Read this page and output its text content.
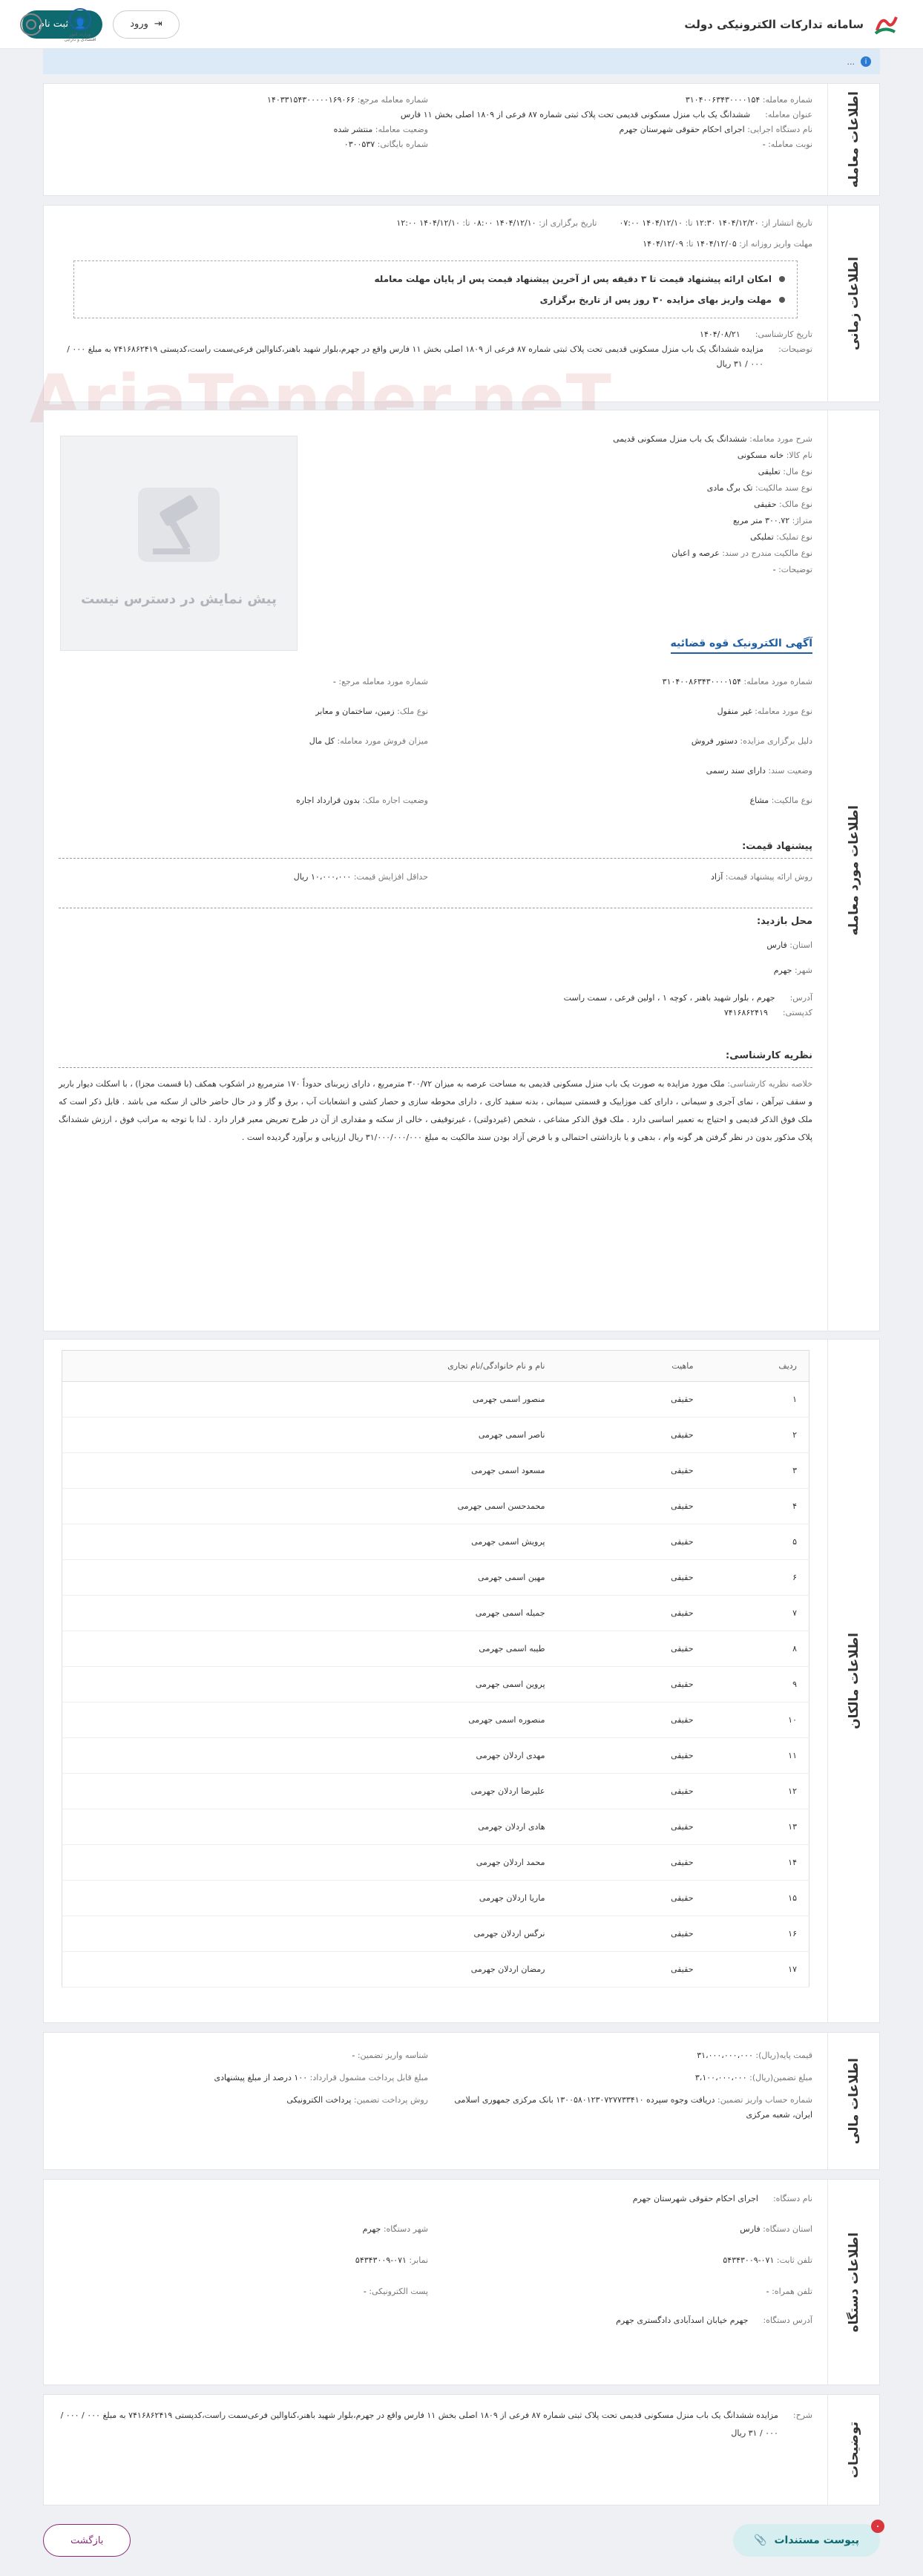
سامانه تدارکات الکترونیکی دولت
⇥
ورود
👤
ثبت نام
وزارت امور اقتصادی و دارایی
i
...
اطلاعات معامله
شماره معامله: ۳۱۰۴۰۰۶۳۴۳۰۰۰۰۱۵۴
شماره معامله مرجع: ۱۴۰۳۳۱۵۴۳۰۰۰۰۰۱۶۹۰۶۶
عنوان معامله:
ششدانگ یک باب منزل مسکونی قدیمی تحت پلاک ثبتی شماره ۸۷ فرعی از ۱۸۰۹ اصلی بخش ۱۱ فارس
نام دستگاه اجرایی: اجرای احکام حقوقی شهرستان جهرم
وضعیت معامله: منتشر شده
نوبت معامله: -
شماره بایگانی: ۰۳۰۰۵۳۷
اطلاعات زمانی
تاریخ انتشار از: ۱۴۰۴/۱۲/۲۰ ۱۲:۳۰ تا: ۱۴۰۴/۱۲/۱۰ ۰۷:۰۰
تاریخ برگزاری از: ۱۴۰۴/۱۲/۱۰ ۰۸:۰۰ تا: ۱۴۰۴/۱۲/۱۰ ۱۲:۰۰
مهلت واریز روزانه از: ۱۴۰۴/۱۲/۰۵ تا: ۱۴۰۴/۱۲/۰۹
امکان ارائه پیشنهاد قیمت تا ۳ دقیقه پس از آخرین پیشنهاد قیمت پس از پایان مهلت معامله
مهلت واریز بهای مزایده ۳۰ روز پس از تاریخ برگزاری
تاریخ کارشناسی:
۱۴۰۴/۰۸/۲۱
توضیحات:
مزایده ششدانگ یک باب منزل مسکونی قدیمی تحت پلاک ثبتی شماره ۸۷ فرعی از ۱۸۰۹ اصلی بخش ۱۱ فارس واقع در جهرم،بلوار شهید باهنر،کناوالین فرعی‌سمت راست،کدپستی ۷۴۱۶۸۶۲۴۱۹ به مبلغ ۰۰۰ / ۰۰۰ / ۳۱ ریال
اطلاعات مورد معامله
شرح مورد معامله: ششدانگ یک باب منزل مسکونی قدیمی
نام کالا: خانه مسکونی
نوع مال: تعلیقی
نوع سند مالکیت: تک برگ مادی
نوع مالک: حقیقی
متراژ: ۳۰۰.۷۲ متر مربع
نوع تملیک: تملیکی
نوع مالکیت مندرج در سند: عرصه و اعیان
توضیحات: -
پیش نمایش در دسترس نیست
آگهی الکترونیک قوه قضائیه
شماره مورد معامله: ۳۱۰۴۰۰۸۶۳۴۳۰۰۰۰۱۵۴
شماره مورد معامله مرجع: -
نوع مورد معامله: غیر منقول
نوع ملک: زمین، ساختمان و معابر
دلیل برگزاری مزایده: دستور فروش
میزان فروش مورد معامله: کل مال
وضعیت سند: دارای سند رسمی
نوع مالکیت: مشاع
وضعیت اجاره ملک: بدون قرارداد اجاره
پیشنهاد قیمت:
روش ارائه پیشنهاد قیمت: آزاد
حداقل افزایش قیمت: ۱۰،۰۰۰،۰۰۰ ریال
محل بازدید:
استان: فارس
شهر: جهرم
آدرس:
جهرم ، بلوار شهید باهنر ، کوچه ۱ ، اولین فرعی ، سمت راست
کدپستی:
۷۴۱۶۸۶۲۴۱۹
نظریه کارشناسی:
خلاصه نظریه کارشناسی: ملک مورد مزایده به صورت یک باب منزل مسکونی قدیمی به مساحت عرصه به میزان ۳۰۰/۷۲ مترمربع ، دارای زیربنای حدوداً ۱۷۰ مترمربع در اشکوب همکف (با قسمت مجزا) ، با اسکلت دیوار باربر و سقف تیرآهن ، نمای آجری و سیمانی ، دارای کف موزاییک و قسمتی سیمانی ، بدنه سفید کاری ، دارای محوطه سازی و حصار کشی و انشعابات آب ، برق و گاز و در حال حاضر خالی از سکنه می باشد . قابل ذکر است که ملک فوق الذکر قدیمی و احتیاج به تعمیر اساسی دارد . ملک فوق الذکر مشاعی ، شخص (غیردولتی) ، غیرتوقیفی ، خالی از سکنه و مقداری از آن در طرح تعریض معبر قرار دارد . لذا با توجه به مراتب فوق ، ارزش ششدانگ پلاک مذکور بدون در نظر گرفتن هر گونه وام ، بدهی و یا بازداشتی احتمالی و با فرض آزاد بودن سند مالکیت به مبلغ ۳۱/۰۰۰/۰۰۰/۰۰۰ ریال ارزیابی و برآورد گردیده است .
اطلاعات مالکان
ردیف	ماهیت	نام و نام خانوادگی/نام تجاری
۱	حقیقی	منصور اسمی جهرمی
۲	حقیقی	ناصر اسمی جهرمی
۳	حقیقی	مسعود اسمی جهرمی
۴	حقیقی	محمدحسن اسمی جهرمی
۵	حقیقی	پرویش اسمی جهرمی
۶	حقیقی	مهین اسمی جهرمی
۷	حقیقی	جمیله اسمی جهرمی
۸	حقیقی	طیبه اسمی جهرمی
۹	حقیقی	پروین اسمی جهرمی
۱۰	حقیقی	منصوره اسمی جهرمی
۱۱	حقیقی	مهدی اردلان جهرمی
۱۲	حقیقی	علیرضا اردلان جهرمی
۱۳	حقیقی	هادی اردلان جهرمی
۱۴	حقیقی	محمد اردلان جهرمی
۱۵	حقیقی	ماریا اردلان جهرمی
۱۶	حقیقی	نرگس اردلان جهرمی
۱۷	حقیقی	رمضان اردلان جهرمی
اطلاعات مالی
قیمت پایه(ریال): ۳۱،۰۰۰،۰۰۰،۰۰۰
شناسه واریز تضمین: -
مبلغ تضمین(ریال): ۳،۱۰۰،۰۰۰،۰۰۰
مبلغ قابل پرداخت مشمول قرارداد: ۱۰۰ درصد از مبلغ پیشنهادی
شماره حساب واریز تضمین: دریافت وجوه سپرده ۱۳۰۰۵۸۰۱۲۳۰۷۲۷۷۳۳۴۱۰ بانک مرکزی جمهوری اسلامی ایران، شعبه مرکزی
روش پرداخت تضمین: پرداخت الکترونیکی
اطلاعات دستگاه
نام دستگاه:
اجرای احکام حقوقی شهرستان جهرم
استان دستگاه: فارس
شهر دستگاه: جهرم
تلفن ثابت: ۰۷۱-۵۴۳۴۳۰۰۹
نمابر: ۰۷۱-۵۴۳۴۳۰۰۹
تلفن همراه: -
پست الکترونیکی: -
آدرس دستگاه:
جهرم خیابان اسدآبادی دادگستری جهرم
توضیحات
شرح:
مزایده ششدانگ یک باب منزل مسکونی قدیمی تحت پلاک ثبتی شماره ۸۷ فرعی از ۱۸۰۹ اصلی بخش ۱۱ فارس واقع در جهرم،بلوار شهید باهنر،کناوالین فرعی‌سمت راست،کدپستی ۷۴۱۶۸۶۲۴۱۹ به مبلغ ۰۰۰ / ۰۰۰ / ۰۰۰ / ۳۱ ریال
۰
پیوست مستندات
📎
بازگشت
